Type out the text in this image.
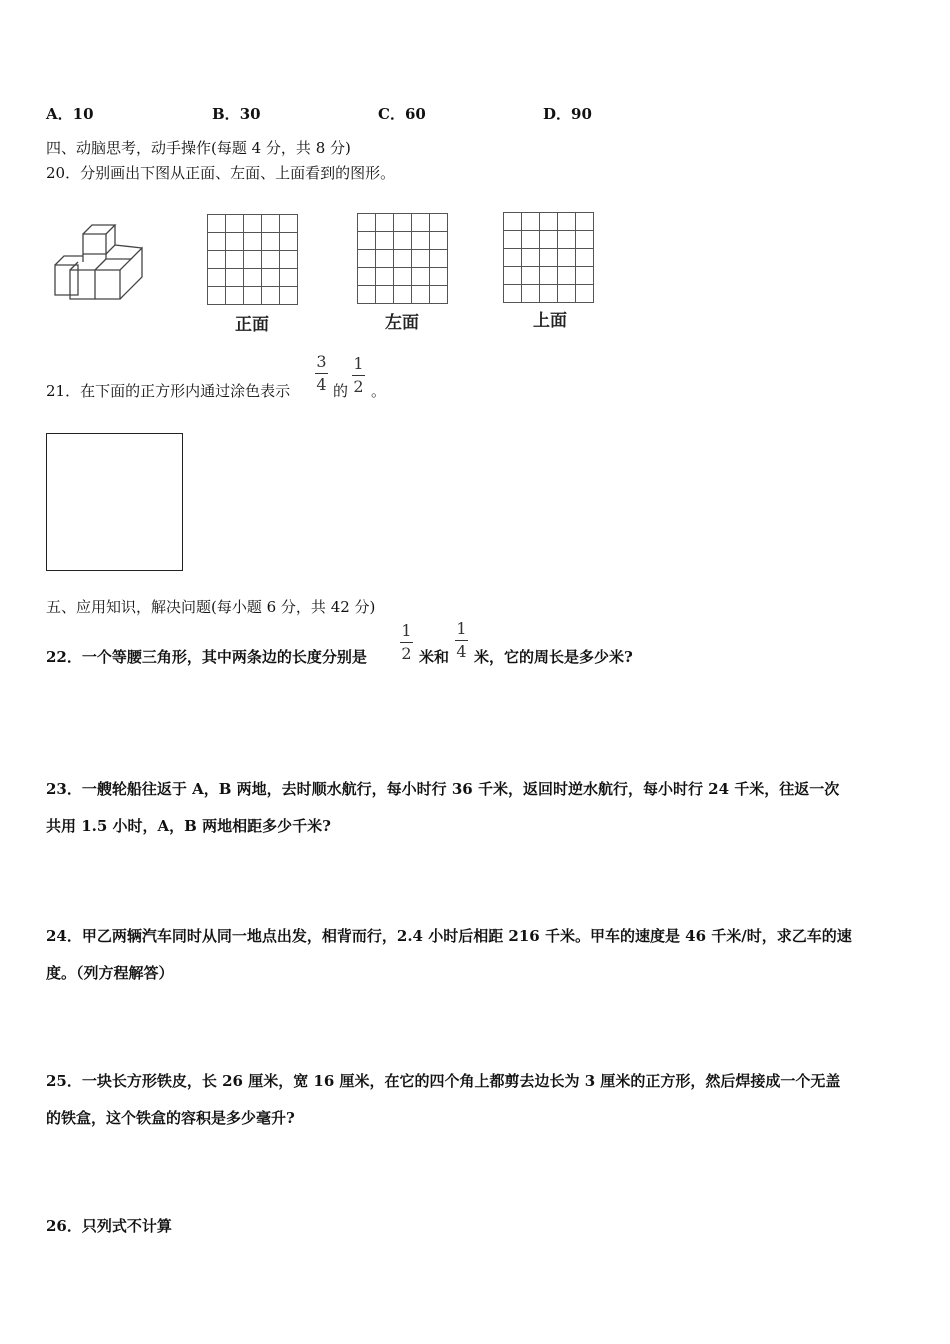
A．10	B．30	C．60	D．90
四、动脑思考，动手操作(每题 4 分，共 8 分)
20．分别画出下图从正面、左面、上面看到的图形。
正面	左面	上面
21．在下面的正方形内通过涂色表示
3
4 的
1
2 。
五、应用知识，解决问题(每小题 6 分，共 42 分)
22．一个等腰三角形，其中两条边的长度分别是
1
2 米和
1
4 米，它的周长是多少米?
23．一艘轮船往返于 A，B 两地，去时顺水航行，每小时行 36 千米，返回时逆水航行，每小时行 24 千米，往返一次
共用 1.5 小时，A，B 两地相距多少千米?
24．甲乙两辆汽车同时从同一地点出发，相背而行，2.4 小时后相距 216 千米。甲车的速度是 46 千米/时，求乙车的速
度。（列方程解答）
25．一块长方形铁皮，长 26 厘米，宽 16 厘米，在它的四个角上都剪去边长为 3 厘米的正方形，然后焊接成一个无盖
的铁盒，这个铁盒的容积是多少毫升?
26．只列式不计算
